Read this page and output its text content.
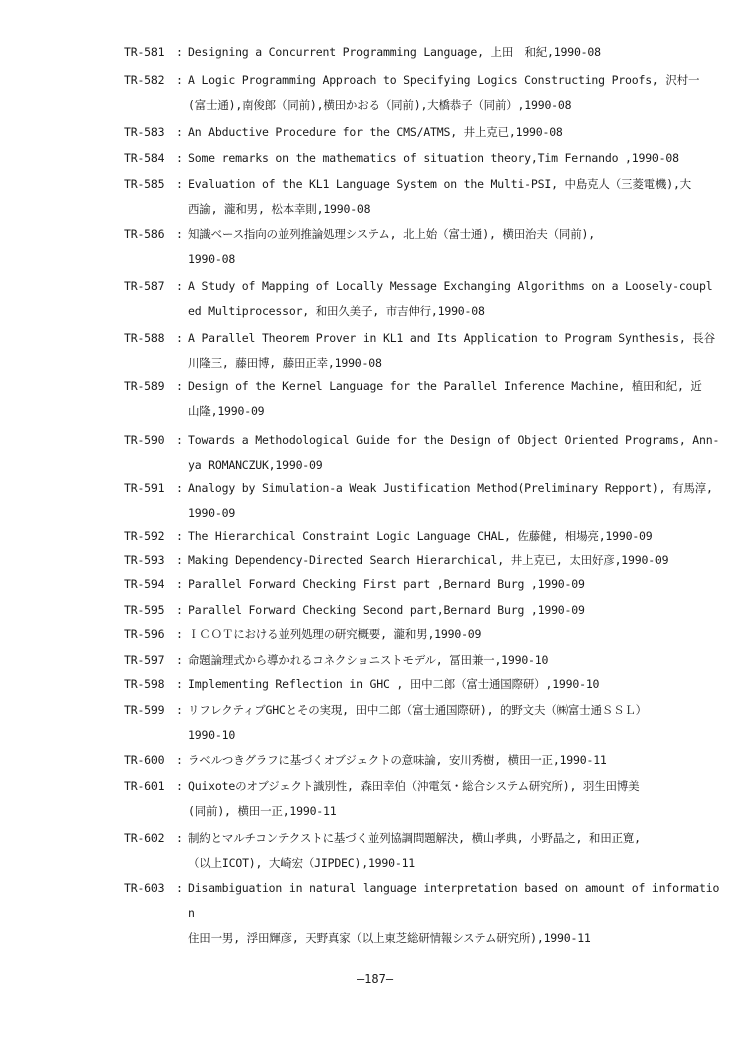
TR-581 : Designing a Concurrent Programming Language, 上田　和紀,1990-08
TR-582 : A Logic Programming Approach to Specifying Logics Constructing Proofs, 沢村一
(富士通),南俊郎（同前),横田かおる（同前),大橋恭子（同前）,1990-08
TR-583 : An Abductive Procedure for the CMS/ATMS, 井上克已,1990-08
TR-584 : Some remarks on the mathematics of situation theory,Tim Fernando ,1990-08
TR-585 : Evaluation of the KL1 Language System on the Multi-PSI, 中島克人（三菱電機),大
西諭, 瀧和男, 松本幸則,1990-08
TR-586 : 知識ベース指向の並列推論処理システム, 北上始（富士通), 横田治夫（同前),
1990-08
TR-587 : A Study of Mapping of Locally Message Exchanging Algorithms on a Loosely-coupl
ed Multiprocessor, 和田久美子, 市吉伸行,1990-08
TR-588 : A Parallel Theorem Prover in KL1 and Its Application to Program Synthesis, 長谷
川隆三, 藤田博, 藤田正幸,1990-08
TR-589 : Design of the Kernel Language for the Parallel Inference Machine, 植田和紀, 近
山隆,1990-09
TR-590 : Towards a Methodological Guide for the Design of Object Oriented Programs, Ann-
ya ROMANCZUK,1990-09
TR-591 : Analogy by Simulation-a Weak Justification Method(Preliminary Repport), 有馬淳,
1990-09
TR-592 : The Hierarchical Constraint Logic Language CHAL, 佐藤健, 相場亮,1990-09
TR-593 : Making Dependency-Directed Search Hierarchical, 井上克已, 太田好彦,1990-09
TR-594 : Parallel Forward Checking First part ,Bernard Burg ,1990-09
TR-595 : Parallel Forward Checking Second part,Bernard Burg ,1990-09
TR-596 : ＩＣＯＴにおける並列処理の研究概要, 瀧和男,1990-09
TR-597 : 命題論理式から導かれるコネクショニストモデル, 冨田兼一,1990-10
TR-598 : Implementing Reflection in GHC , 田中二郎（富士通国際研）,1990-10
TR-599 : リフレクティブGHCとその実現, 田中二郎（富士通国際研), 的野文夫（㈱富士通ＳＳＬ）
1990-10
TR-600 : ラベルつきグラフに基づくオブジェクトの意味論, 安川秀樹, 横田一正,1990-11
TR-601 : Quixoteのオブジェクト識別性, 森田幸伯（沖電気・総合システム研究所), 羽生田博美
(同前), 横田一正,1990-11
TR-602 : 制約とマルチコンテクストに基づく並列協調問題解決, 横山孝典, 小野晶之, 和田正寛,
（以上ICOT), 大崎宏（JIPDEC),1990-11
TR-603 : Disambiguation in natural language interpretation based on amount of information
住田一男, 浮田輝彦, 天野真家（以上東芝総研情報システム研究所),1990-11
—187—
